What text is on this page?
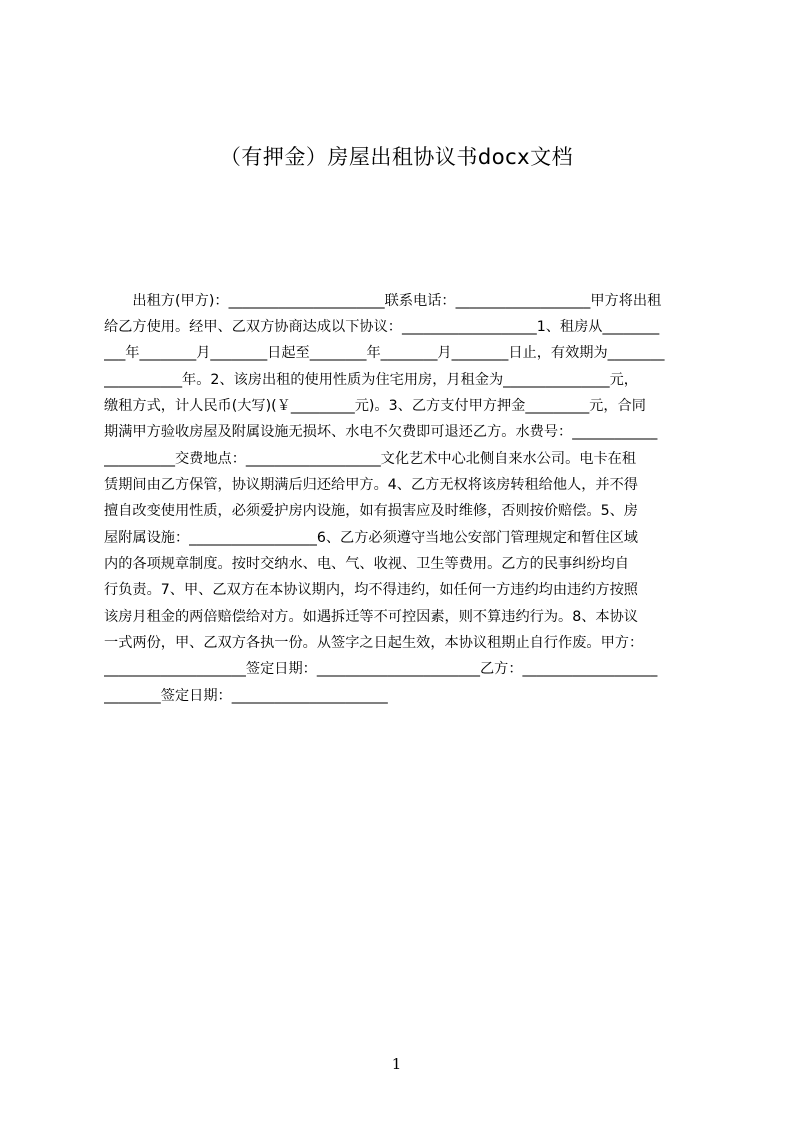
（有押金）房屋出租协议书docx文档
　　出租方(甲方)：______________________联系电话：___________________甲方将出租
给乙方使用。经甲、乙双方协商达成以下协议：___________________1、租房从________
___年________月________日起至________年________月________日止，有效期为________
___________年。2、该房出租的使用性质为住宅用房，月租金为_______________元，
缴租方式，计人民币(大写)(￥_________元)。3、乙方支付甲方押金_________元，合同
期满甲方验收房屋及附属设施无损坏、水电不欠费即可退还乙方。水费号：____________
__________交费地点：___________________文化艺术中心北侧自来水公司。电卡在租
赁期间由乙方保管，协议期满后归还给甲方。4、乙方无权将该房转租给他人，并不得
擅自改变使用性质，必须爱护房内设施，如有损害应及时维修，否则按价赔偿。5、房
屋附属设施：__________________6、乙方必须遵守当地公安部门管理规定和暂住区域
内的各项规章制度。按时交纳水、电、气、收视、卫生等费用。乙方的民事纠纷均自
行负责。7、甲、乙双方在本协议期内，均不得违约，如任何一方违约均由违约方按照
该房月租金的两倍赔偿给对方。如遇拆迁等不可控因素，则不算违约行为。8、本协议
一式两份，甲、乙双方各执一份。从签字之日起生效，本协议租期止自行作废。甲方：
____________________签定日期：_______________________乙方：___________________
________签定日期：______________________
1
